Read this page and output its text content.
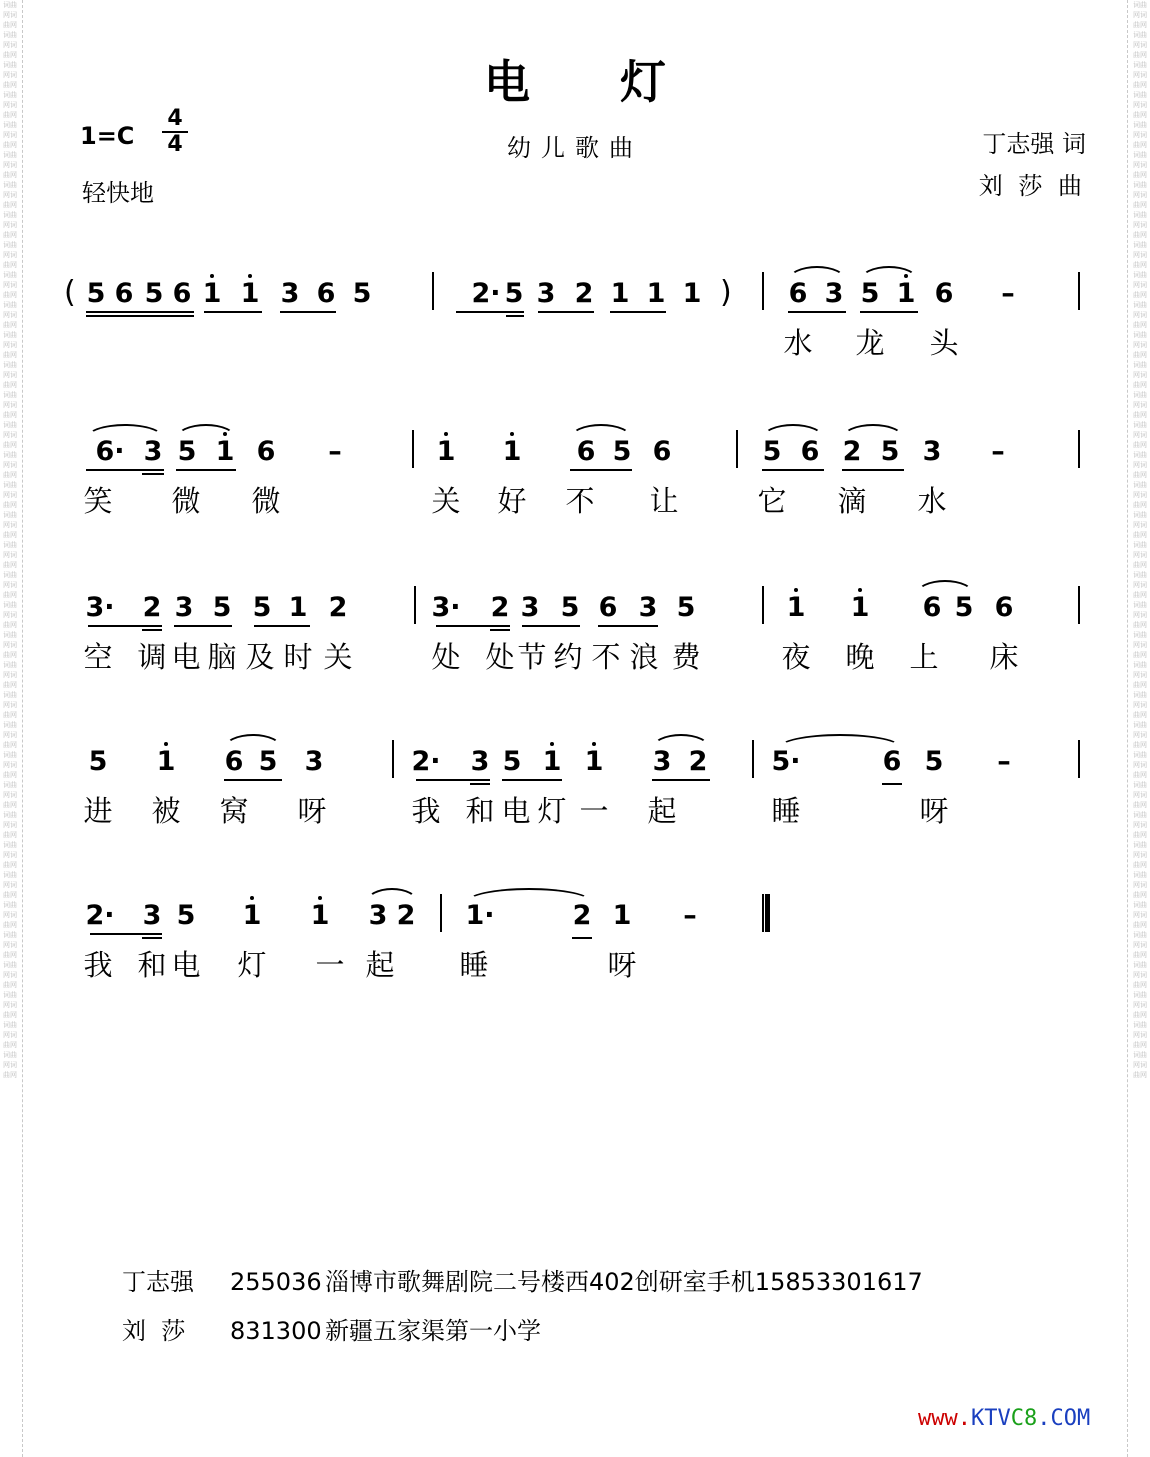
词曲网词曲网词曲网词曲网词曲网词曲网词曲网词曲网词曲网词曲网词曲网词曲网词曲网词曲网词曲网词曲网词曲网词曲网词曲网词曲网词曲网词曲网词曲网词曲网词曲网词曲网词曲网词曲网词曲网词曲网词曲网词曲网词曲网词曲网词曲网词曲网词曲网词曲网词曲网词曲网词曲网词曲网词曲网词曲网词曲网词曲网词曲网词曲网词曲网词曲网词曲网词曲网词曲网词曲网词曲网词曲网词曲网词曲网词曲网词曲网词曲网词曲网词曲网词曲网词曲网词曲网词曲网词曲网词曲网词曲网词曲网词曲网
词曲网词曲网词曲网词曲网词曲网词曲网词曲网词曲网词曲网词曲网词曲网词曲网词曲网词曲网词曲网词曲网词曲网词曲网词曲网词曲网词曲网词曲网词曲网词曲网词曲网词曲网词曲网词曲网词曲网词曲网词曲网词曲网词曲网词曲网词曲网词曲网词曲网词曲网词曲网词曲网词曲网词曲网词曲网词曲网词曲网词曲网词曲网词曲网词曲网词曲网词曲网词曲网词曲网词曲网词曲网词曲网词曲网词曲网词曲网词曲网词曲网词曲网词曲网词曲网词曲网词曲网词曲网词曲网词曲网词曲网词曲网词曲网
电灯
1=C
4
4	幼儿歌曲	丁志强 词
刘 莎 曲
轻快地
5 6 5 6 1 1 3 6 5	2· 5 3 2 1 1 1	6 3 5 1 6 –
(	)
水 龙 头
6· 3 5 1 6 –	1 1 6 5 6	5 6 2 5 3 –
笑 微 微	关 好 不 让	它 滴 水
3· 2 3 5 5 1 2	3· 2 3 5 6 3 5	1 1 6 5 6
空 调 电 脑 及 时 关	处 处 节 约 不 浪 费	夜 晚 上 床
5 1 6 5 3	2· 3 5 1 1 3 2 5·	6 5 –
进 被 窝 呀	我 和 电 灯 一 起	睡	呀
2· 3 5 1 1 3 2 1·	2 1 –
我 和 电 灯 一 起 睡	呀
丁志强 255036 淄博市歌舞剧院二号楼西402创研室手机15853301617
刘  莎 831300 新疆五家渠第一小学
www.KTVC8.COM
